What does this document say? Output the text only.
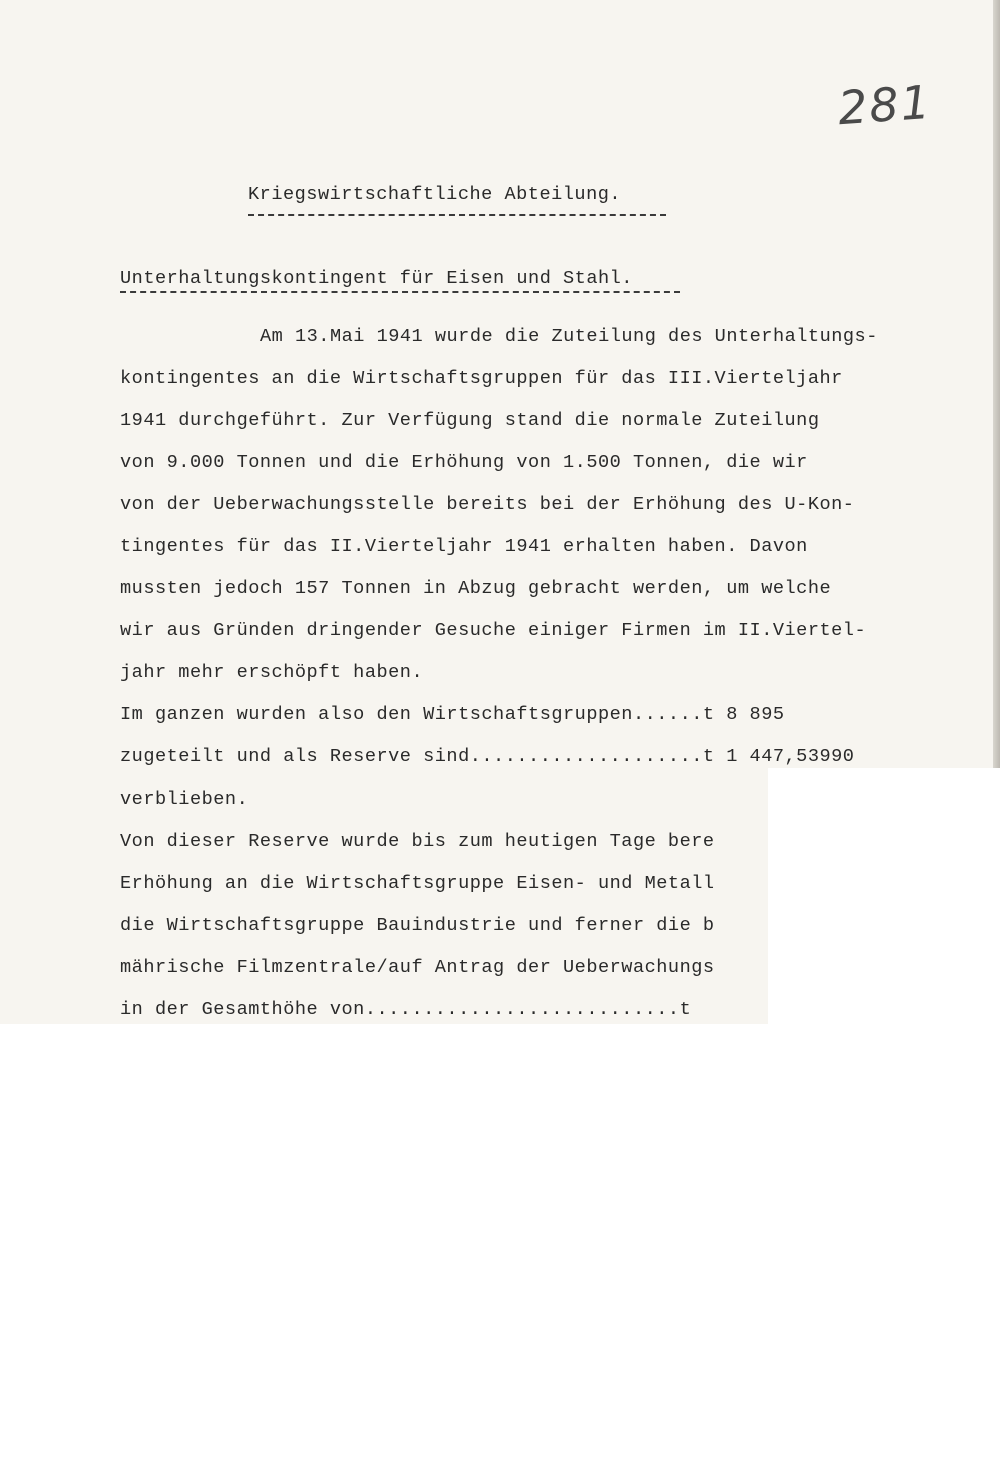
281
Kriegswirtschaftliche Abteilung.
Unterhaltungskontingent für Eisen und Stahl.
Am 13.Mai 1941 wurde die Zuteilung des Unterhaltungs-
kontingentes an die Wirtschaftsgruppen für das III.Vierteljahr
1941 durchgeführt. Zur Verfügung stand die normale Zuteilung
von 9.000 Tonnen und die Erhöhung von 1.500 Tonnen, die wir
von der Ueberwachungsstelle bereits bei der Erhöhung des U-Kon-
tingentes für das II.Vierteljahr 1941 erhalten haben. Davon
mussten jedoch 157 Tonnen in Abzug gebracht werden, um welche
wir aus Gründen dringender Gesuche einiger Firmen im II.Viertel-
jahr mehr erschöpft haben.
Im ganzen wurden also den Wirtschaftsgruppen......t 8 895
zugeteilt und als Reserve sind....................t 1 447,53990
verblieben.
Von dieser Reserve wurde bis zum heutigen Tage bere
Erhöhung an die Wirtschaftsgruppe Eisen- und Metall
die Wirtschaftsgruppe Bauindustrie und ferner die b
mährische Filmzentrale/auf Antrag der Ueberwachungs
in der Gesamthöhe von...........................t
